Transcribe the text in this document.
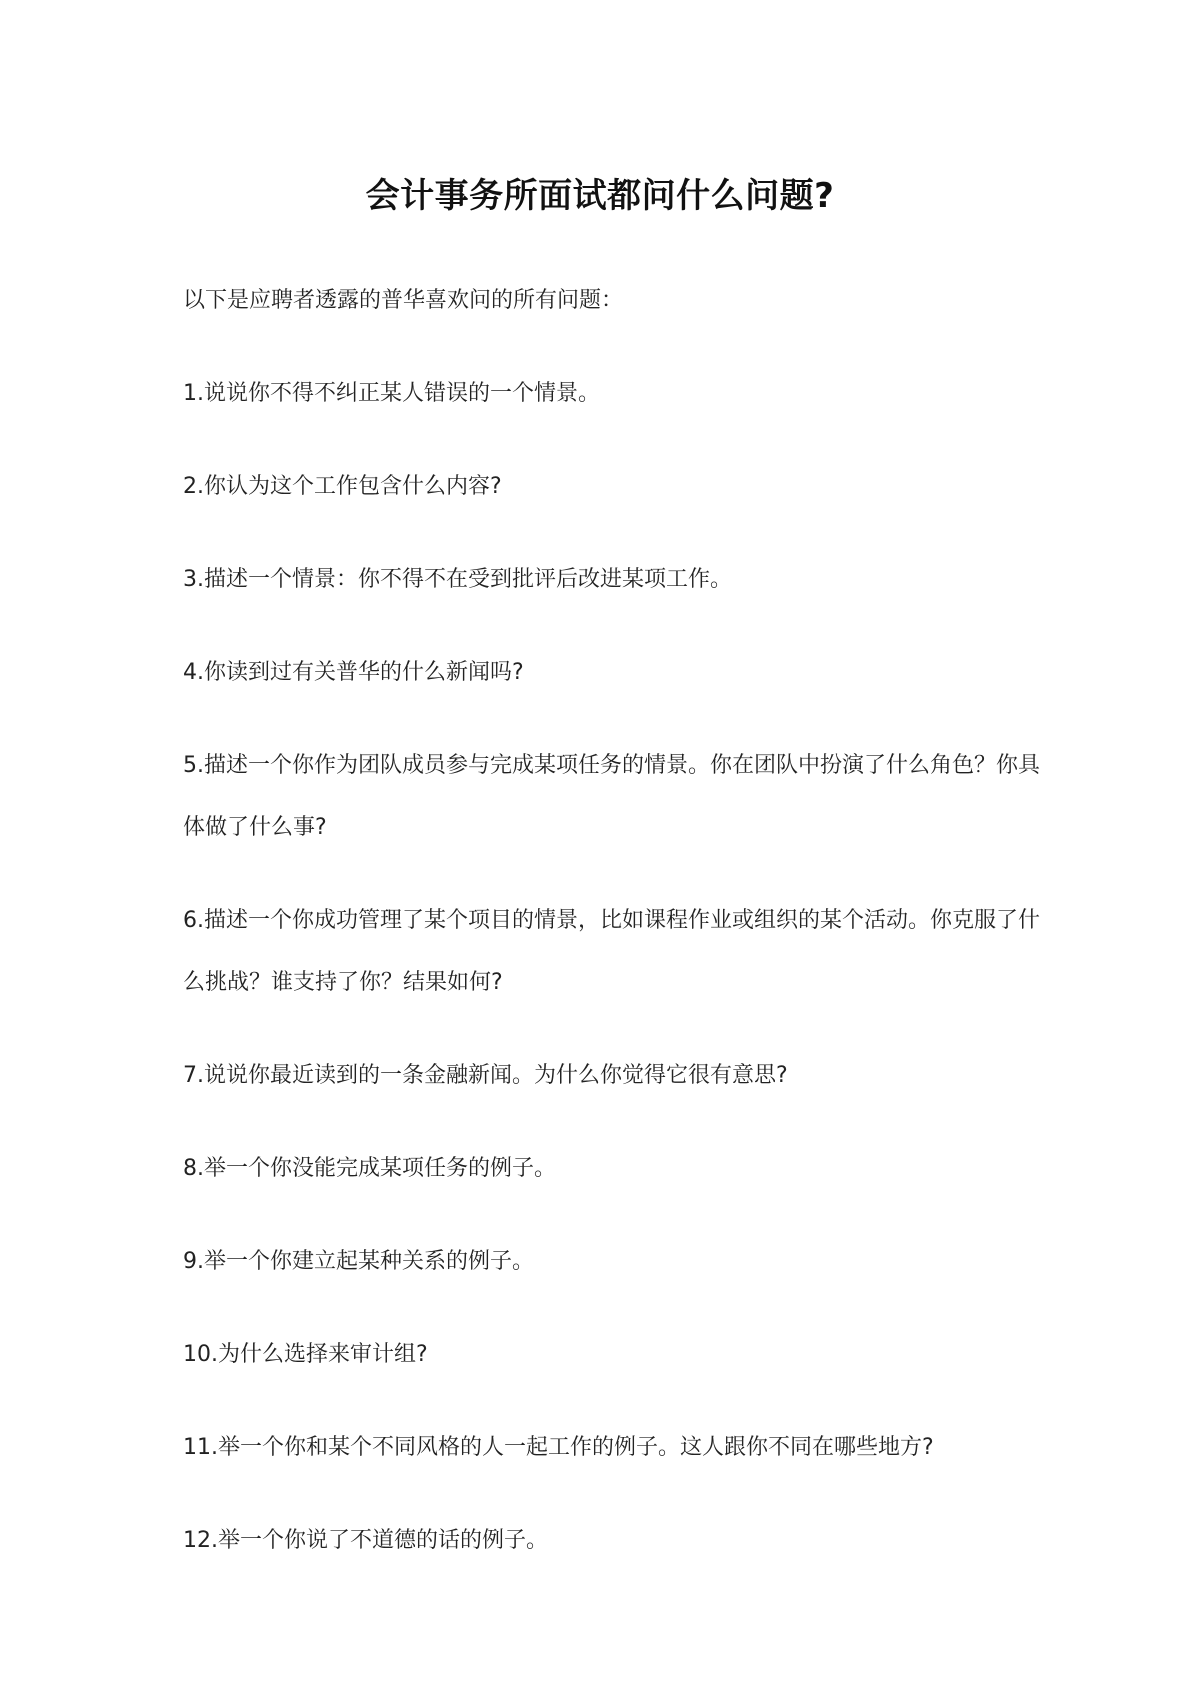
会计事务所面试都问什么问题?

以下是应聘者透露的普华喜欢问的所有问题：

1.说说你不得不纠正某人错误的一个情景。

2.你认为这个工作包含什么内容?

3.描述一个情景：你不得不在受到批评后改进某项工作。

4.你读到过有关普华的什么新闻吗?

5.描述一个你作为团队成员参与完成某项任务的情景。你在团队中扮演了什么角色？你具体做了什么事?

6.描述一个你成功管理了某个项目的情景，比如课程作业或组织的某个活动。你克服了什么挑战？谁支持了你？结果如何?

7.说说你最近读到的一条金融新闻。为什么你觉得它很有意思?

8.举一个你没能完成某项任务的例子。

9.举一个你建立起某种关系的例子。

10.为什么选择来审计组?

11.举一个你和某个不同风格的人一起工作的例子。这人跟你不同在哪些地方?

12.举一个你说了不道德的话的例子。
